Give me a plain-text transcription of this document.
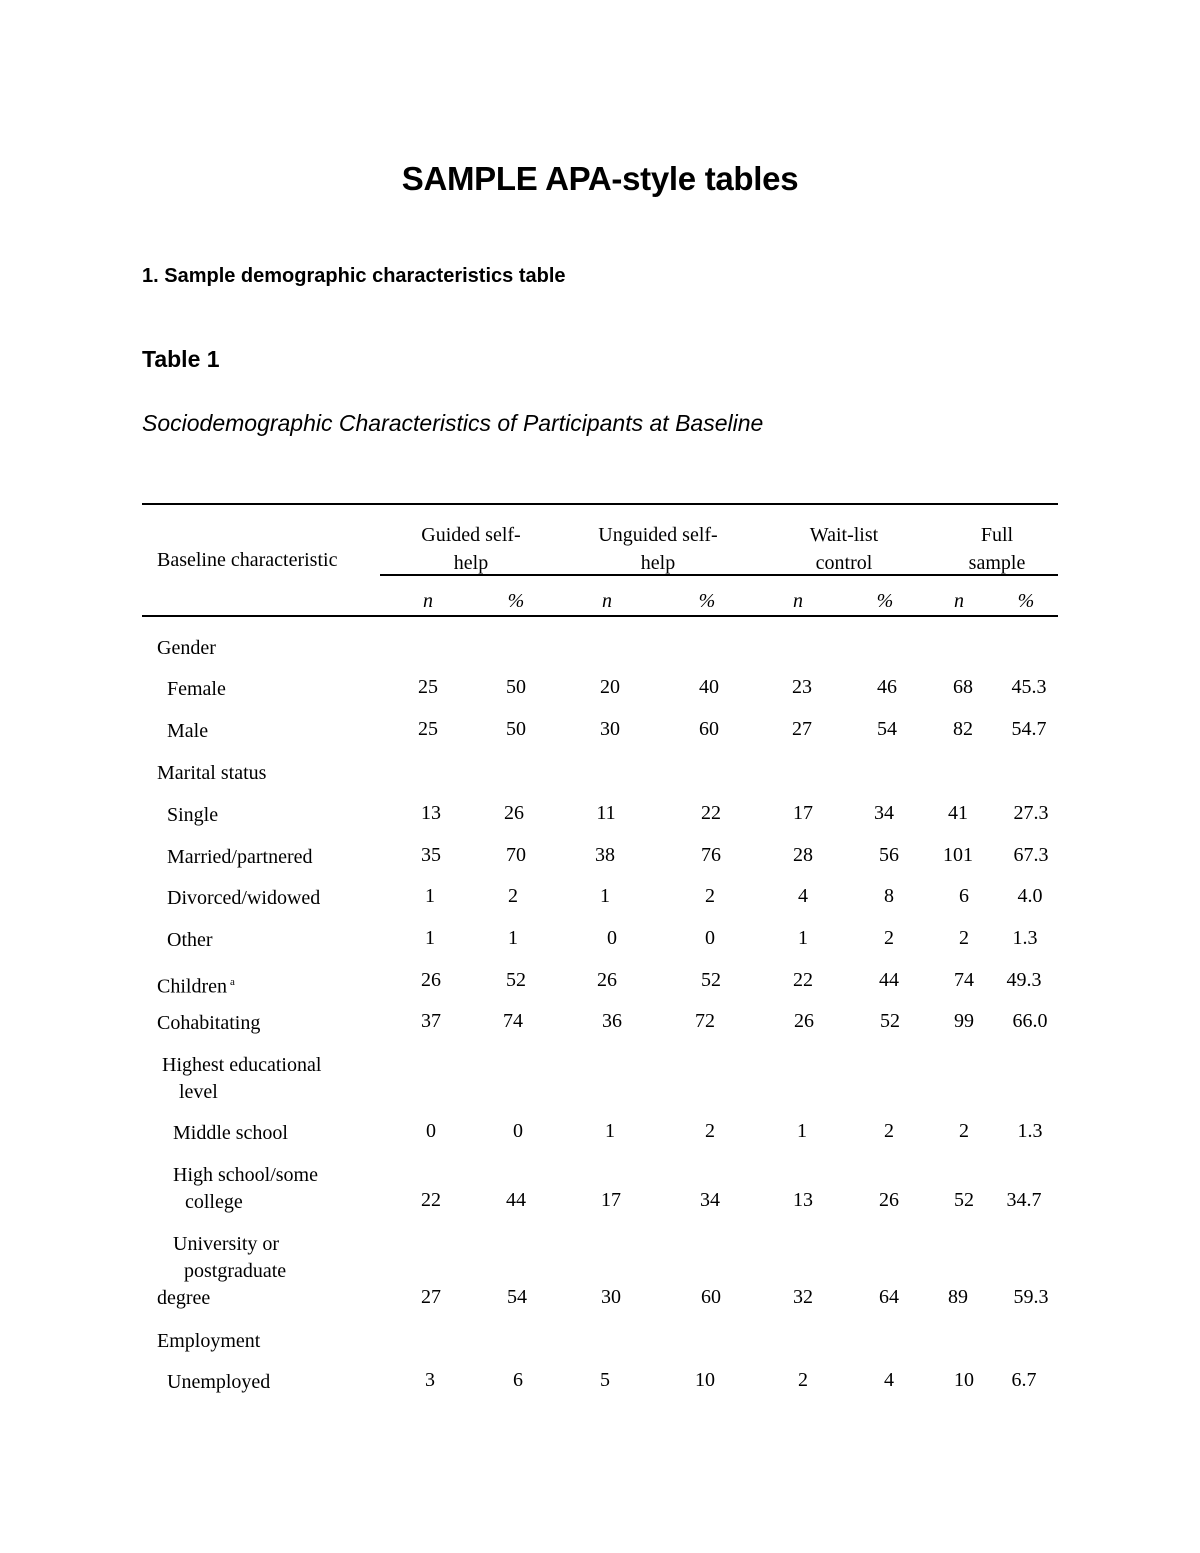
SAMPLE APA-style tables
1. Sample demographic characteristics table
Table 1
Sociodemographic Characteristics of Participants at Baseline
Baseline characteristic
Guided self-
help
Unguided self-
help
Wait-list
control
Full
sample
n	%	n	%	n	%	n	%
Gender
Female	25	50	20	40	23	46	68	45.3
Male	25	50	30	60	27	54	82	54.7
Marital status
Single	13	26	11	22	17	34	41	27.3
Married/partnered	35	70	38	76	28	56	101	67.3
Divorced/widowed	1	2	1	2	4	8	6	4.0
Other	1	1	0	0	1	2	2	1.3
Children $^a$	26	52	26	52	22	44	74	49.3
Cohabitating	37	74	36	72	26	52	99	66.0
Highest educational
level
Middle school	0	0	1	2	1	2	2	1.3
High school/some
college	22	44	17	34	13	26	52	34.7
University or
postgraduate
degree	27	54	30	60	32	64	89	59.3
Employment
Unemployed	3	6	5	10	2	4	10	6.7
